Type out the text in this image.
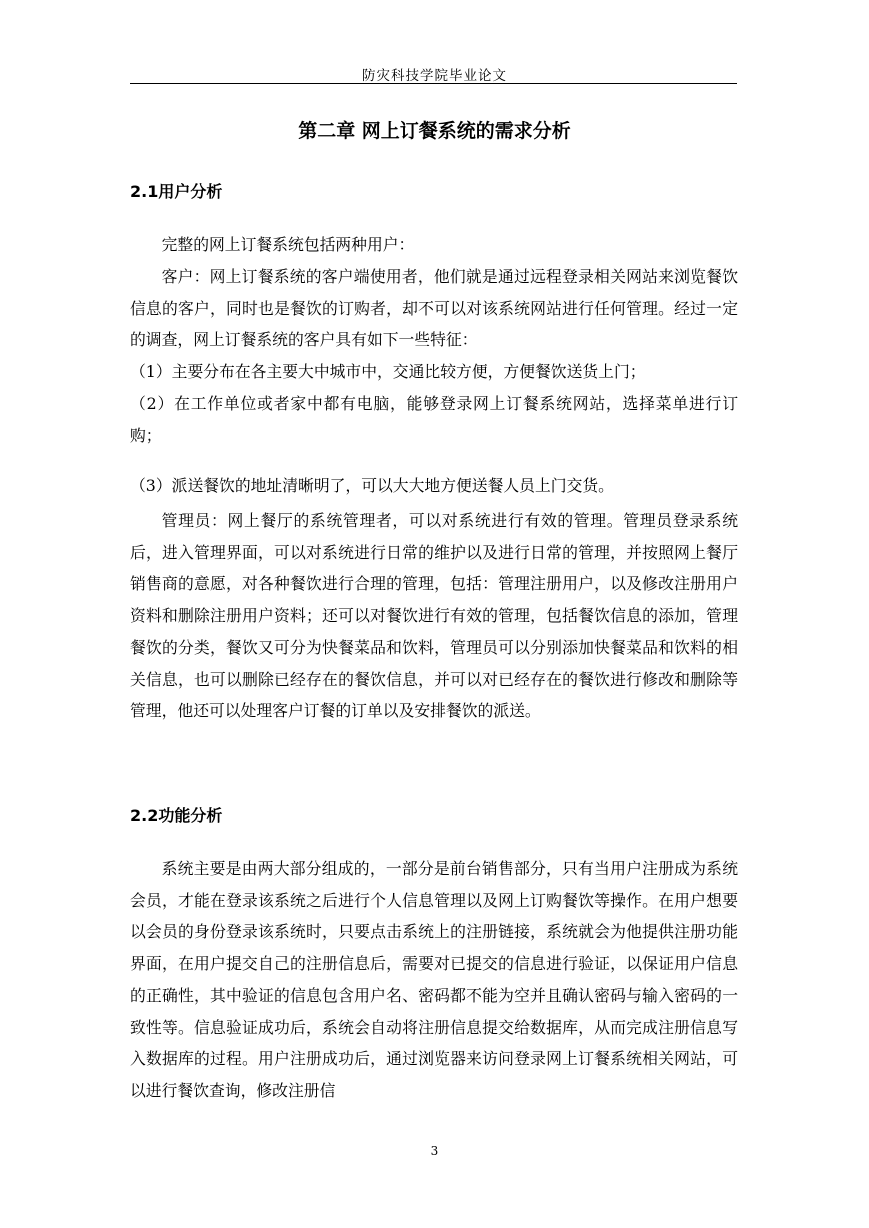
防灾科技学院毕业论文
第二章 网上订餐系统的需求分析
2.1用户分析

完整的网上订餐系统包括两种用户：

客户：网上订餐系统的客户端使用者，他们就是通过远程登录相关网站来浏览餐饮信息的客户，同时也是餐饮的订购者，却不可以对该系统网站进行任何管理。经过一定的调查，网上订餐系统的客户具有如下一些特征：

（1）主要分布在各主要大中城市中，交通比较方便，方便餐饮送货上门；

（2）在工作单位或者家中都有电脑，能够登录网上订餐系统网站，选择菜单进行订购；

（3）派送餐饮的地址清晰明了，可以大大地方便送餐人员上门交货。

管理员：网上餐厅的系统管理者，可以对系统进行有效的管理。管理员登录系统后，进入管理界面，可以对系统进行日常的维护以及进行日常的管理，并按照网上餐厅销售商的意愿，对各种餐饮进行合理的管理，包括：管理注册用户，以及修改注册用户资料和删除注册用户资料；还可以对餐饮进行有效的管理，包括餐饮信息的添加，管理餐饮的分类，餐饮又可分为快餐菜品和饮料，管理员可以分别添加快餐菜品和饮料的相关信息，也可以删除已经存在的餐饮信息，并可以对已经存在的餐饮进行修改和删除等管理，他还可以处理客户订餐的订单以及安排餐饮的派送。

2.2功能分析

系统主要是由两大部分组成的，一部分是前台销售部分，只有当用户注册成为系统会员，才能在登录该系统之后进行个人信息管理以及网上订购餐饮等操作。在用户想要以会员的身份登录该系统时，只要点击系统上的注册链接，系统就会为他提供注册功能界面，在用户提交自己的注册信息后，需要对已提交的信息进行验证，以保证用户信息的正确性，其中验证的信息包含用户名、密码都不能为空并且确认密码与输入密码的一致性等。信息验证成功后，系统会自动将注册信息提交给数据库，从而完成注册信息写入数据库的过程。用户注册成功后，通过浏览器来访问登录网上订餐系统相关网站，可以进行餐饮查询，修改注册信

3
